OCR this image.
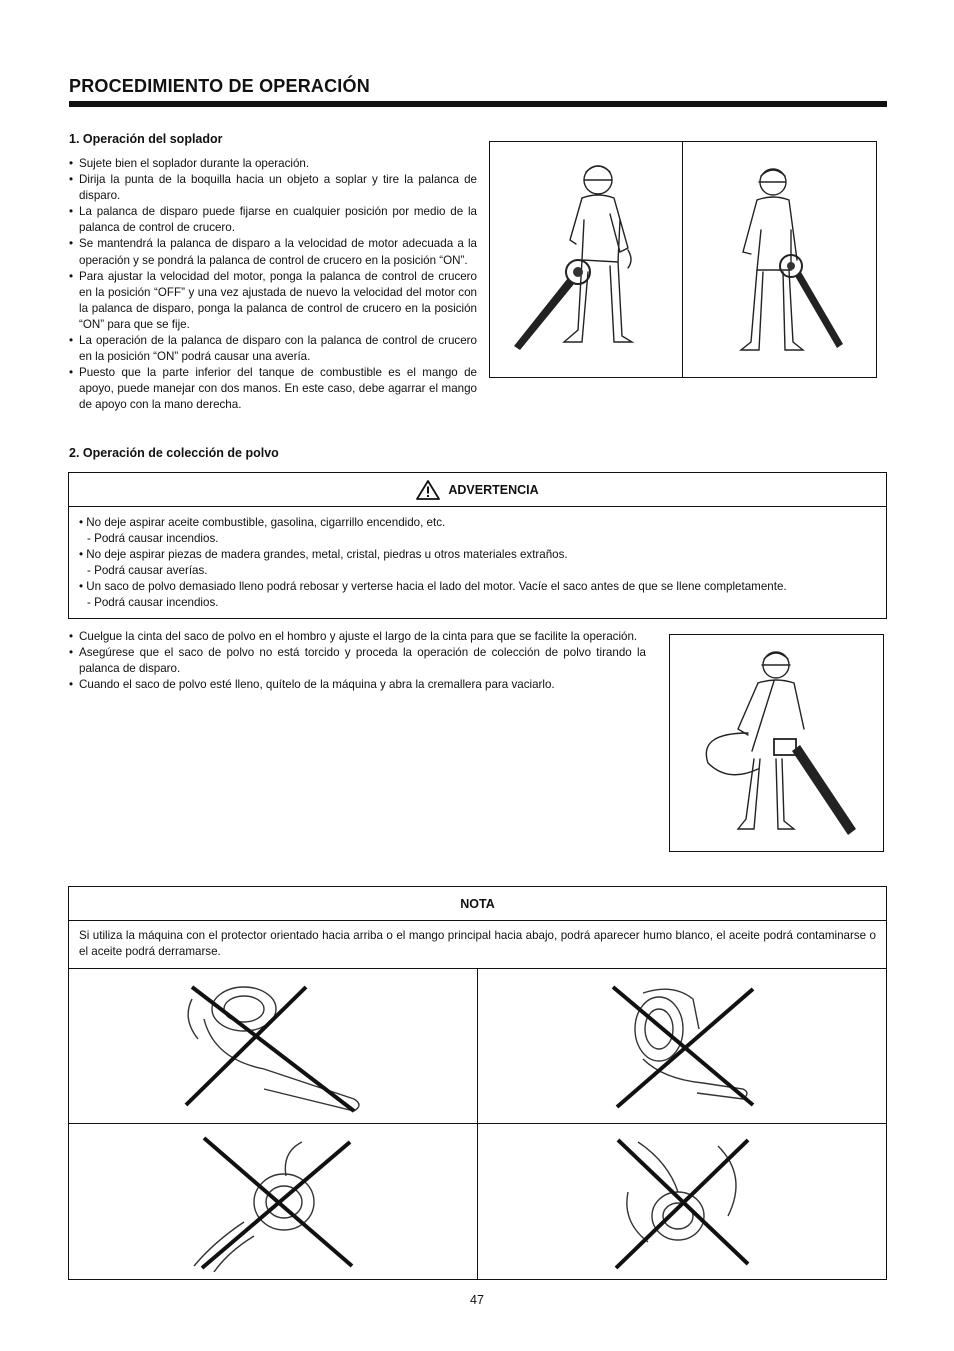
PROCEDIMIENTO DE OPERACIÓN
1. Operación del soplador
• Sujete bien el soplador durante la operación.
• Dirija la punta de la boquilla hacia un objeto a soplar y tire la palanca de disparo.
• La palanca de disparo puede fijarse en cualquier posición por medio de la palanca de control de crucero.
• Se mantendrá la palanca de disparo a la velocidad de motor adecuada a la operación y se pondrá la palanca de control de crucero en la posición “ON”.
• Para ajustar la velocidad del motor, ponga la palanca de control de crucero en la posición “OFF” y una vez ajustada de nuevo la velocidad del motor con la palanca de disparo, ponga la palanca de control de crucero en la posición “ON” para que se fije.
• La operación de la palanca de disparo con la palanca de control de crucero en la posición “ON” podrá causar una avería.
• Puesto que la parte inferior del tanque de combustible es el mango de apoyo, puede manejar con dos manos. En este caso, debe agarrar el mango de apoyo con la mano derecha.
2. Operación de colección de polvo
ADVERTENCIA
• No deje aspirar aceite combustible, gasolina, cigarrillo encendido, etc.
- Podrá causar incendios.
• No deje aspirar piezas de madera grandes, metal, cristal, piedras u otros materiales extraños.
- Podrá causar averías.
• Un saco de polvo demasiado lleno podrá rebosar y verterse hacia el lado del motor. Vacíe el saco antes de que se llene completamente.
- Podrá causar incendios.
• Cuelgue la cinta del saco de polvo en el hombro y ajuste el largo de la cinta para que se facilite la operación.
• Asegúrese que el saco de polvo no está torcido y proceda la operación de colección de polvo tirando la palanca de disparo.
• Cuando el saco de polvo esté lleno, quítelo de la máquina y abra la cremallera para vaciarlo.
NOTA
Si utiliza la máquina con el protector orientado hacia arriba o el mango principal hacia abajo, podrá aparecer humo blanco, el aceite podrá contaminarse o el aceite podrá derramarse.
47
